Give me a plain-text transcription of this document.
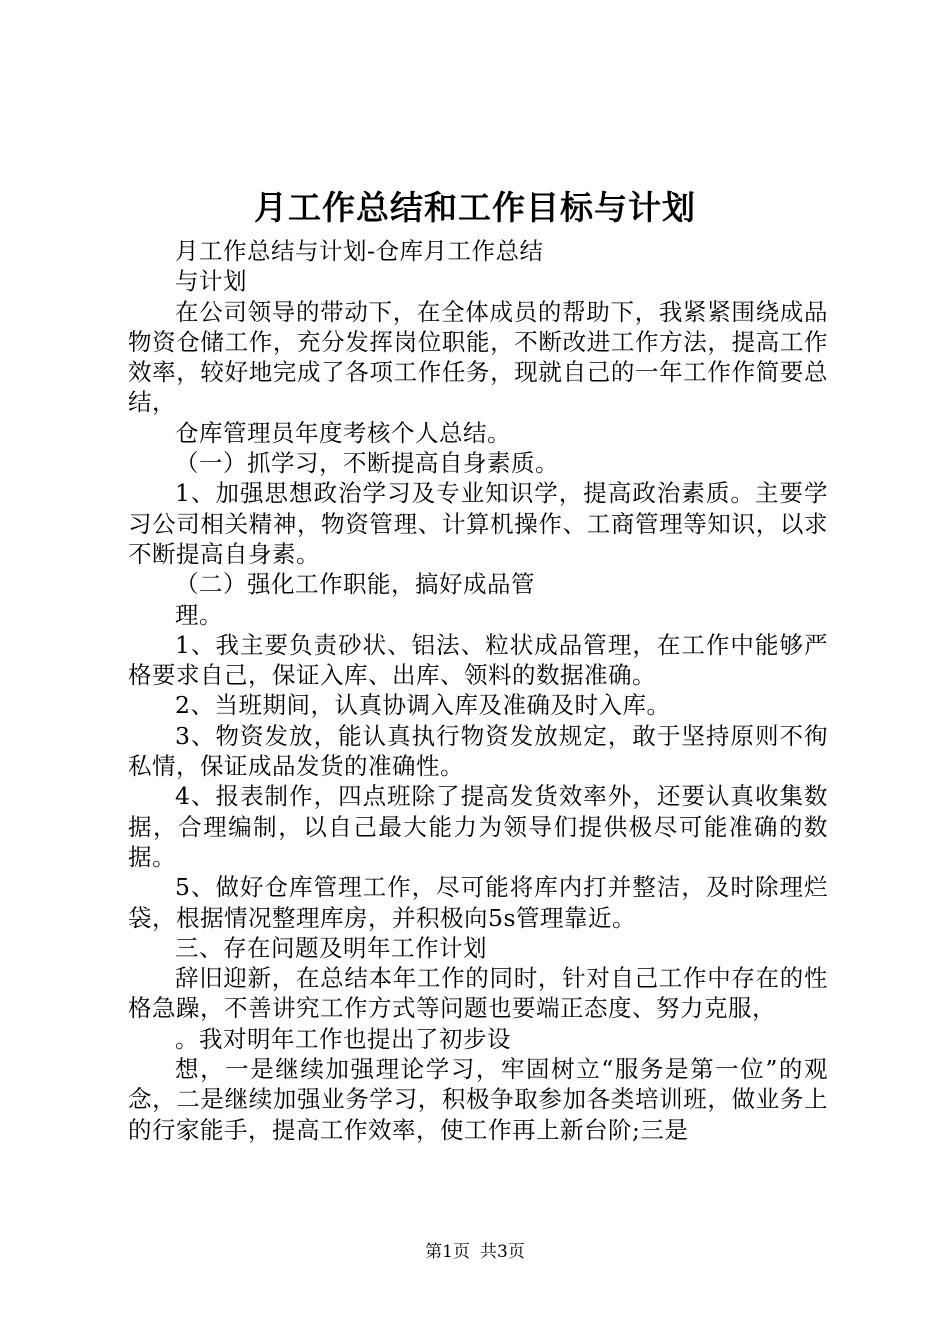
月工作总结和工作目标与计划

月工作总结与计划-仓库月工作总结

与计划

在公司领导的带动下，在全体成员的帮助下，我紧紧围绕成品物资仓储工作，充分发挥岗位职能，不断改进工作方法，提高工作效率，较好地完成了各项工作任务，现就自己的一年工作作简要总结，

仓库管理员年度考核个人总结。

（一）抓学习，不断提高自身素质。

1、加强思想政治学习及专业知识学，提高政治素质。主要学习公司相关精神，物资管理、计算机操作、工商管理等知识，以求不断提高自身素。

（二）强化工作职能，搞好成品管

理。

1、我主要负责砂状、铝法、粒状成品管理，在工作中能够严格要求自己，保证入库、出库、领料的数据准确。

2、当班期间，认真协调入库及准确及时入库。

3、物资发放，能认真执行物资发放规定，敢于坚持原则不徇私情，保证成品发货的准确性。

4、报表制作，四点班除了提高发货效率外，还要认真收集数据，合理编制，以自己最大能力为领导们提供极尽可能准确的数据。

5、做好仓库管理工作，尽可能将库内打并整洁，及时除理烂袋，根据情况整理库房，并积极向5s管理靠近。

三、存在问题及明年工作计划

辞旧迎新，在总结本年工作的同时，针对自己工作中存在的性格急躁，不善讲究工作方式等问题也要端正态度、努力克服，

。我对明年工作也提出了初步设

想，一是继续加强理论学习，牢固树立“服务是第一位”的观念，二是继续加强业务学习，积极争取参加各类培训班，做业务上的行家能手，提高工作效率，使工作再上新台阶;三是

第1页 共3页
